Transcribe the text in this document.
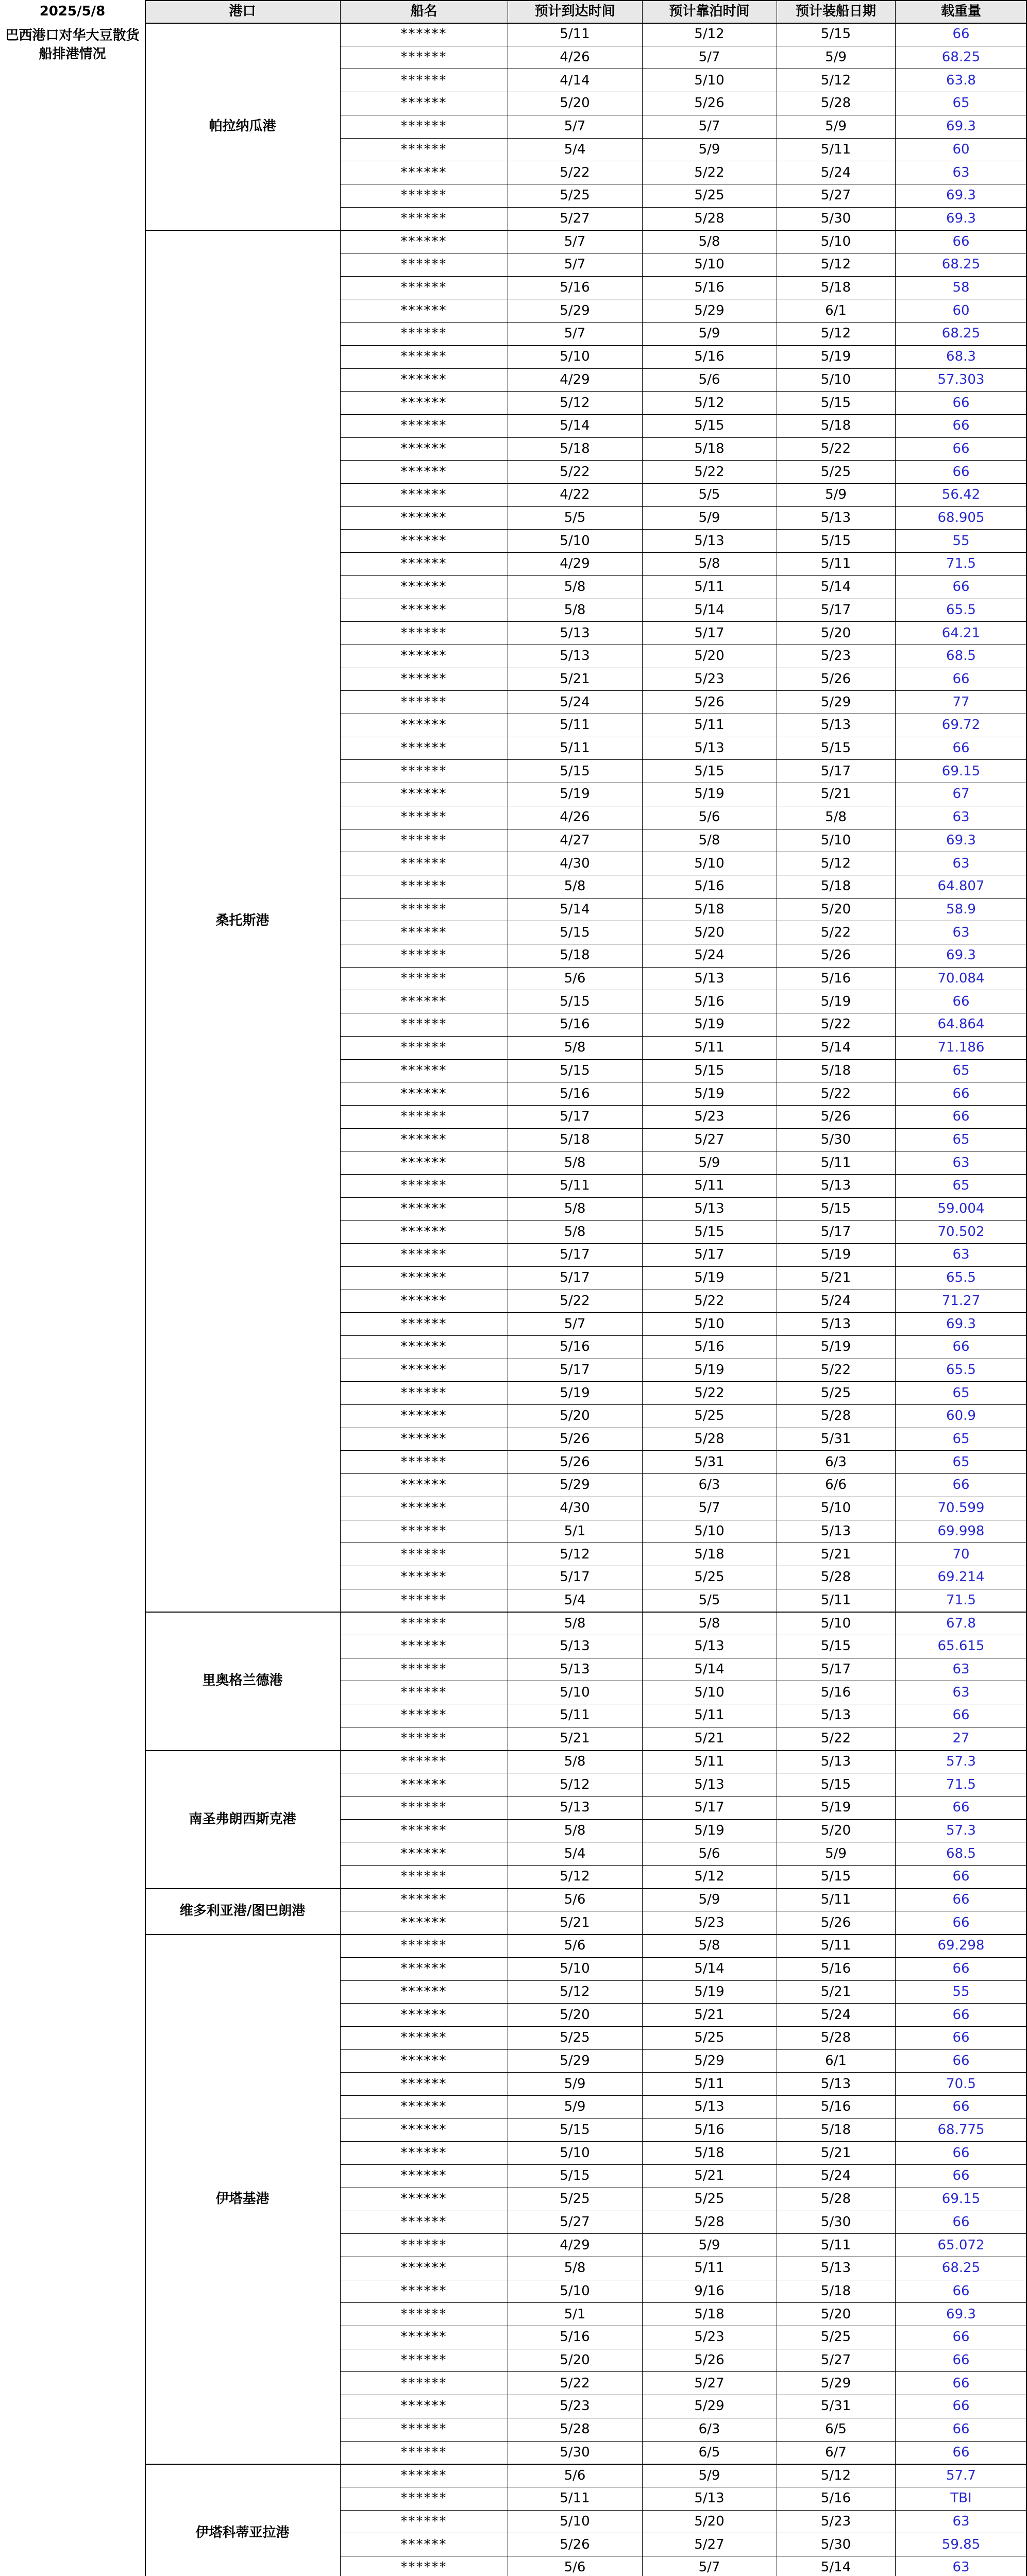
2025/5/8
巴西港口对华大豆散货船排港情况
港口	船名	预计到达时间	预计靠泊时间	预计装船日期	载重量
帕拉纳瓜港
******	5/11	5/12	5/15	66
******	4/26	5/7	5/9	68.25
******	4/14	5/10	5/12	63.8
******	5/20	5/26	5/28	65
******	5/7	5/7	5/9	69.3
******	5/4	5/9	5/11	60
******	5/22	5/22	5/24	63
******	5/25	5/25	5/27	69.3
******	5/27	5/28	5/30	69.3
桑托斯港
******	5/7	5/8	5/10	66
******	5/7	5/10	5/12	68.25
******	5/16	5/16	5/18	58
******	5/29	5/29	6/1	60
******	5/7	5/9	5/12	68.25
******	5/10	5/16	5/19	68.3
******	4/29	5/6	5/10	57.303
******	5/12	5/12	5/15	66
******	5/14	5/15	5/18	66
******	5/18	5/18	5/22	66
******	5/22	5/22	5/25	66
******	4/22	5/5	5/9	56.42
******	5/5	5/9	5/13	68.905
******	5/10	5/13	5/15	55
******	4/29	5/8	5/11	71.5
******	5/8	5/11	5/14	66
******	5/8	5/14	5/17	65.5
******	5/13	5/17	5/20	64.21
******	5/13	5/20	5/23	68.5
******	5/21	5/23	5/26	66
******	5/24	5/26	5/29	77
******	5/11	5/11	5/13	69.72
******	5/11	5/13	5/15	66
******	5/15	5/15	5/17	69.15
******	5/19	5/19	5/21	67
******	4/26	5/6	5/8	63
******	4/27	5/8	5/10	69.3
******	4/30	5/10	5/12	63
******	5/8	5/16	5/18	64.807
******	5/14	5/18	5/20	58.9
******	5/15	5/20	5/22	63
******	5/18	5/24	5/26	69.3
******	5/6	5/13	5/16	70.084
******	5/15	5/16	5/19	66
******	5/16	5/19	5/22	64.864
******	5/8	5/11	5/14	71.186
******	5/15	5/15	5/18	65
******	5/16	5/19	5/22	66
******	5/17	5/23	5/26	66
******	5/18	5/27	5/30	65
******	5/8	5/9	5/11	63
******	5/11	5/11	5/13	65
******	5/8	5/13	5/15	59.004
******	5/8	5/15	5/17	70.502
******	5/17	5/17	5/19	63
******	5/17	5/19	5/21	65.5
******	5/22	5/22	5/24	71.27
******	5/7	5/10	5/13	69.3
******	5/16	5/16	5/19	66
******	5/17	5/19	5/22	65.5
******	5/19	5/22	5/25	65
******	5/20	5/25	5/28	60.9
******	5/26	5/28	5/31	65
******	5/26	5/31	6/3	65
******	5/29	6/3	6/6	66
******	4/30	5/7	5/10	70.599
******	5/1	5/10	5/13	69.998
******	5/12	5/18	5/21	70
******	5/17	5/25	5/28	69.214
******	5/4	5/5	5/11	71.5
里奥格兰德港
******	5/8	5/8	5/10	67.8
******	5/13	5/13	5/15	65.615
******	5/13	5/14	5/17	63
******	5/10	5/10	5/16	63
******	5/11	5/11	5/13	66
******	5/21	5/21	5/22	27
南圣弗朗西斯克港
******	5/8	5/11	5/13	57.3
******	5/12	5/13	5/15	71.5
******	5/13	5/17	5/19	66
******	5/8	5/19	5/20	57.3
******	5/4	5/6	5/9	68.5
******	5/12	5/12	5/15	66
维多利亚港/图巴朗港
******	5/6	5/9	5/11	66
******	5/21	5/23	5/26	66
伊塔基港
******	5/6	5/8	5/11	69.298
******	5/10	5/14	5/16	66
******	5/12	5/19	5/21	55
******	5/20	5/21	5/24	66
******	5/25	5/25	5/28	66
******	5/29	5/29	6/1	66
******	5/9	5/11	5/13	70.5
******	5/9	5/13	5/16	66
******	5/15	5/16	5/18	68.775
******	5/10	5/18	5/21	66
******	5/15	5/21	5/24	66
******	5/25	5/25	5/28	69.15
******	5/27	5/28	5/30	66
******	4/29	5/9	5/11	65.072
******	5/8	5/11	5/13	68.25
******	5/10	9/16	5/18	66
******	5/1	5/18	5/20	69.3
******	5/16	5/23	5/25	66
******	5/20	5/26	5/27	66
******	5/22	5/27	5/29	66
******	5/23	5/29	5/31	66
******	5/28	6/3	6/5	66
******	5/30	6/5	6/7	66
伊塔科蒂亚拉港
******	5/6	5/9	5/12	57.7
******	5/11	5/13	5/16	TBI
******	5/10	5/20	5/23	63
******	5/26	5/27	5/30	59.85
******	5/6	5/7	5/14	63
